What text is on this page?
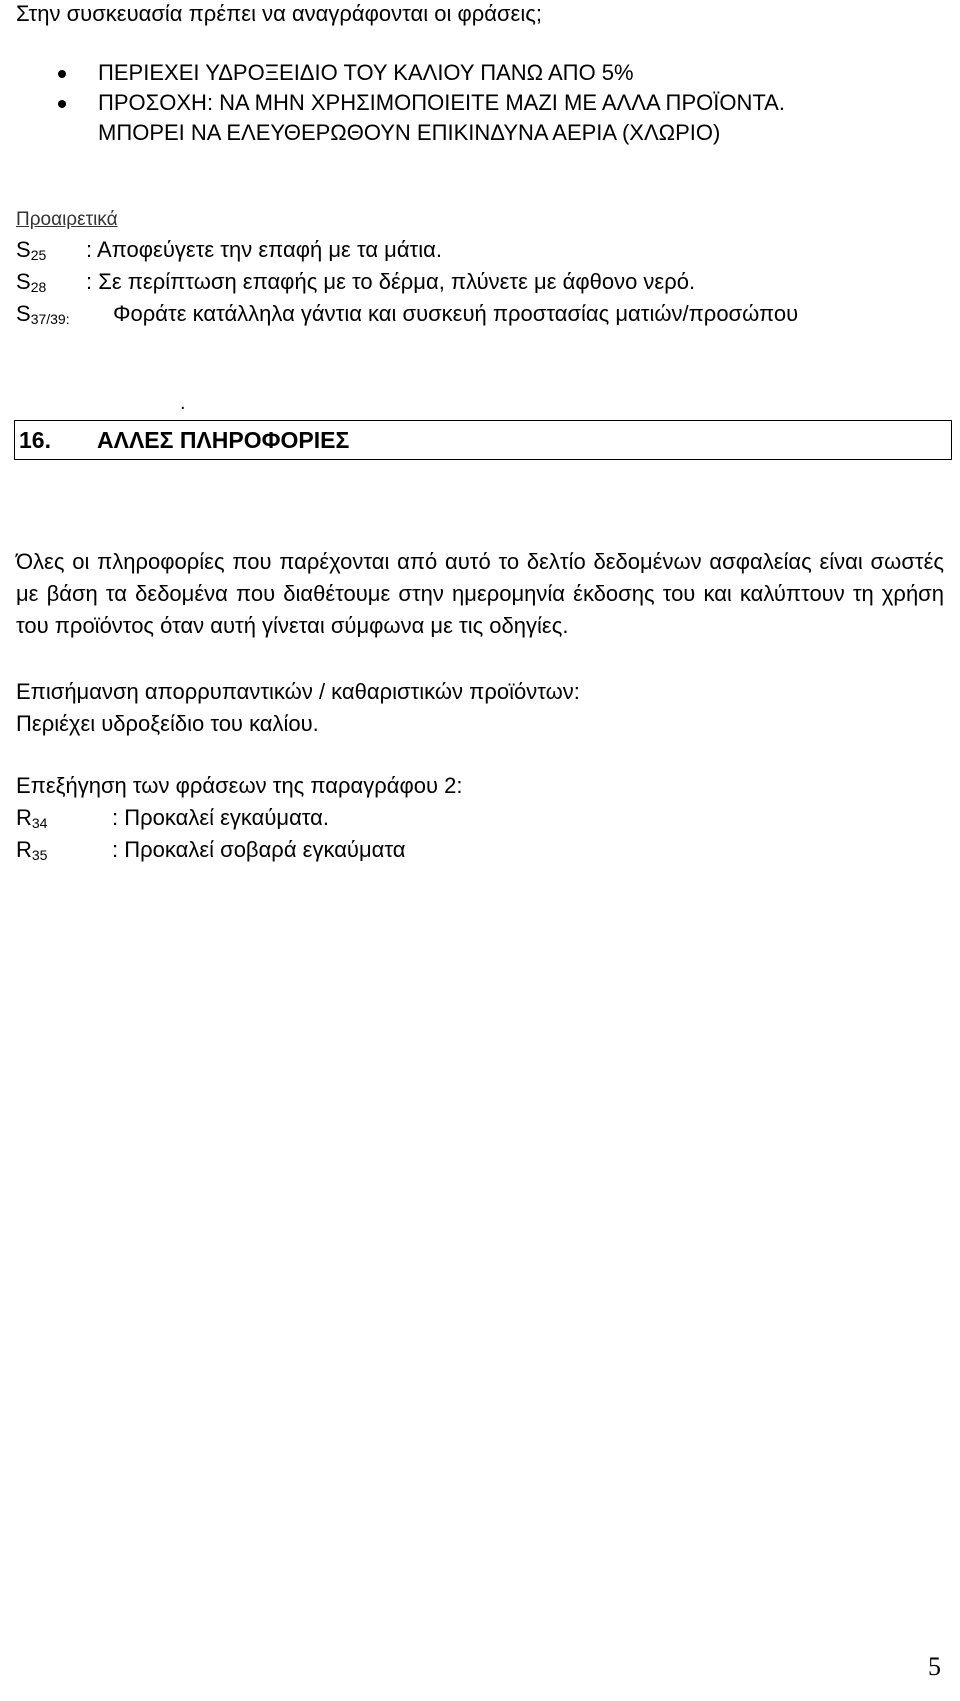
Στην συσκευασία πρέπει να αναγράφονται οι φράσεις;
ΠΕΡΙΕΧΕΙ ΥΔΡΟΞΕΙΔΙΟ ΤΟΥ ΚΑΛΙΟΥ ΠΑΝΩ ΑΠΟ 5%
ΠΡΟΣΟΧΗ: ΝΑ ΜΗΝ ΧΡΗΣΙΜΟΠΟΙΕΙΤΕ ΜΑΖΙ ΜΕ ΑΛΛΑ ΠΡΟΪΟΝΤΑ.
ΜΠΟΡΕΙ ΝΑ ΕΛΕΥΘΕΡΩΘΟΥΝ ΕΠΙΚΙΝΔΥΝΑ ΑΕΡΙΑ (ΧΛΩΡΙΟ)
Προαιρετικά
$S_{25}$ : Αποφεύγετε την επαφή με τα μάτια.
$S_{28}$ : Σε περίπτωση επαφής με το δέρμα, πλύνετε με άφθονο νερό.
$S_{37/39:}$ Φοράτε κατάλληλα γάντια και συσκευή προστασίας ματιών/προσώπου
.
16. ΑΛΛΕΣ ΠΛΗΡΟΦΟΡΙΕΣ
Όλες οι πληροφορίες που παρέχονται από αυτό το δελτίο δεδομένων ασφαλείας είναι σωστές με βάση τα δεδομένα που διαθέτουμε στην ημερομηνία έκδοσης του και καλύπτουν τη χρήση του προϊόντος όταν αυτή γίνεται σύμφωνα με τις οδηγίες.
Επισήμανση απορρυπαντικών / καθαριστικών προϊόντων:
Περιέχει υδροξείδιο του καλίου.
Επεξήγηση των φράσεων της παραγράφου 2:
$R_{34}$	: Προκαλεί εγκαύματα.
$R_{35}$	: Προκαλεί σοβαρά εγκαύματα
5
